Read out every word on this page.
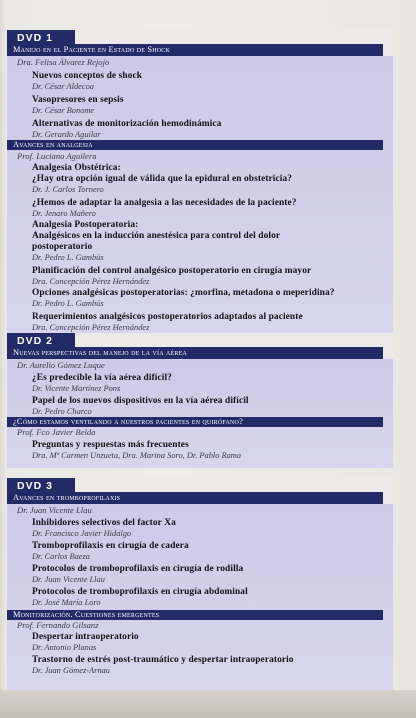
DVD 1
Manejo en el Paciente en Estado de Shock
Dra. Felisa Álvarez Rejojo
Nuevos conceptos de shock
Dr. César Aldecoa
Vasopresores en sepsis
Dr. César Bonome
Alternativas de monitorización hemodinámica
Dr. Gerardo Aguilar
Avances en analgesia
Prof. Luciano Aguilera
Analgesia Obstétrica:
¿Hay otra opción igual de válida que la epidural en obstetricia?
Dr. J. Carlos Tornero
¿Hemos de adaptar la analgesia a las necesidades de la paciente?
Dr. Jenaro Mañero
Analgesia Postoperatoria:
Analgésicos en la inducción anestésica para control del dolor postoperatorio
Dr. Pedro L. Gambús
Planificación del control analgésico postoperatorio en cirugía mayor
Dra. Concepción Pérez Hernández
Opciones analgésicas postoperatorias: ¿morfina, metadona o meperidina?
Dr. Pedro L. Gambús
Requerimientos analgésicos postoperatorios adaptados al paciente
Dra. Concepción Pérez Hernández
DVD 2
Nuevas perspectivas del manejo de la vía aérea
Dr. Aurelio Gómez Luque
¿Es predecible la vía aérea difícil?
Dr. Vicente Martínez Pons
Papel de los nuevos dispositivos en la vía aérea difícil
Dr. Pedro Charco
¿Cómo estamos ventilando a nuestros pacientes en quirófano?
Prof. Fco Javier Belda
Preguntas y respuestas más frecuentes
Dra. Mª Carmen Unzueta, Dra. Marina Soro, Dr. Pablo Rama
DVD 3
Avances en tromboprofilaxis
Dr. Juan Vicente Llau
Inhibidores selectivos del factor Xa
Dr. Francisco Javier Hidalgo
Tromboprofilaxis en cirugía de cadera
Dr. Carlos Baeza
Protocolos de tromboprofilaxis en cirugía de rodilla
Dr. Juan Vicente Llau
Protocolos de tromboprofilaxis en cirugía abdominal
Dr. José María Loro
Monitorización. Cuestiones emergentes
Prof. Fernando Gilsanz
Despertar intraoperatorio
Dr. Antonio Planas
Trastorno de estrés post-traumático y despertar intraoperatorio
Dr. Juan Gómez-Arnau
